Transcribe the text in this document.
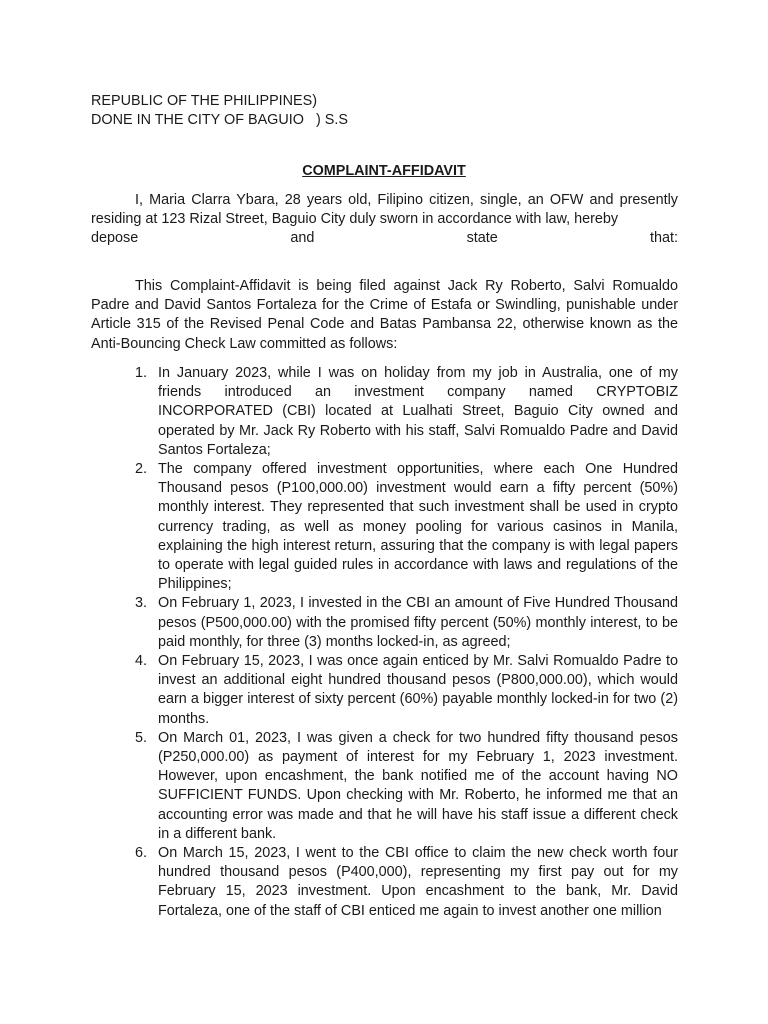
REPUBLIC OF THE PHILIPPINES)
DONE IN THE CITY OF BAGUIO   ) S.S
COMPLAINT-AFFIDAVIT
I, Maria Clarra Ybara, 28 years old, Filipino citizen, single, an OFW and presently residing at 123 Rizal Street, Baguio City duly sworn in accordance with law, hereby
depose	and	state	that:
This Complaint-Affidavit is being filed against Jack Ry Roberto, Salvi Romualdo Padre and David Santos Fortaleza for the Crime of Estafa or Swindling, punishable under Article 315 of the Revised Penal Code and Batas Pambansa 22, otherwise known as the Anti-Bouncing Check Law committed as follows:
1. In January 2023, while I was on holiday from my job in Australia, one of my friends introduced an investment company named CRYPTOBIZ INCORPORATED (CBI) located at Lualhati Street, Baguio City owned and operated by Mr. Jack Ry Roberto with his staff, Salvi Romualdo Padre and David Santos Fortaleza;
2. The company offered investment opportunities, where each One Hundred Thousand pesos (P100,000.00) investment would earn a fifty percent (50%) monthly interest. They represented that such investment shall be used in crypto currency trading, as well as money pooling for various casinos in Manila, explaining the high interest return, assuring that the company is with legal papers to operate with legal guided rules in accordance with laws and regulations of the Philippines;
3. On February 1, 2023, I invested in the CBI an amount of Five Hundred Thousand pesos (P500,000.00) with the promised fifty percent (50%) monthly interest, to be paid monthly, for three (3) months locked-in, as agreed;
4. On February 15, 2023, I was once again enticed by Mr. Salvi Romualdo Padre to invest an additional eight hundred thousand pesos (P800,000.00), which would earn a bigger interest of sixty percent (60%) payable monthly locked-in for two (2) months.
5. On March 01, 2023, I was given a check for two hundred fifty thousand pesos (P250,000.00) as payment of interest for my February 1, 2023 investment. However, upon encashment, the bank notified me of the account having NO SUFFICIENT FUNDS. Upon checking with Mr. Roberto, he informed me that an accounting error was made and that he will have his staff issue a different check in a different bank.
6. On March 15, 2023, I went to the CBI office to claim the new check worth four hundred thousand pesos (P400,000), representing my first pay out for my February 15, 2023 investment. Upon encashment to the bank, Mr. David Fortaleza, one of the staff of CBI enticed me again to invest another one million
